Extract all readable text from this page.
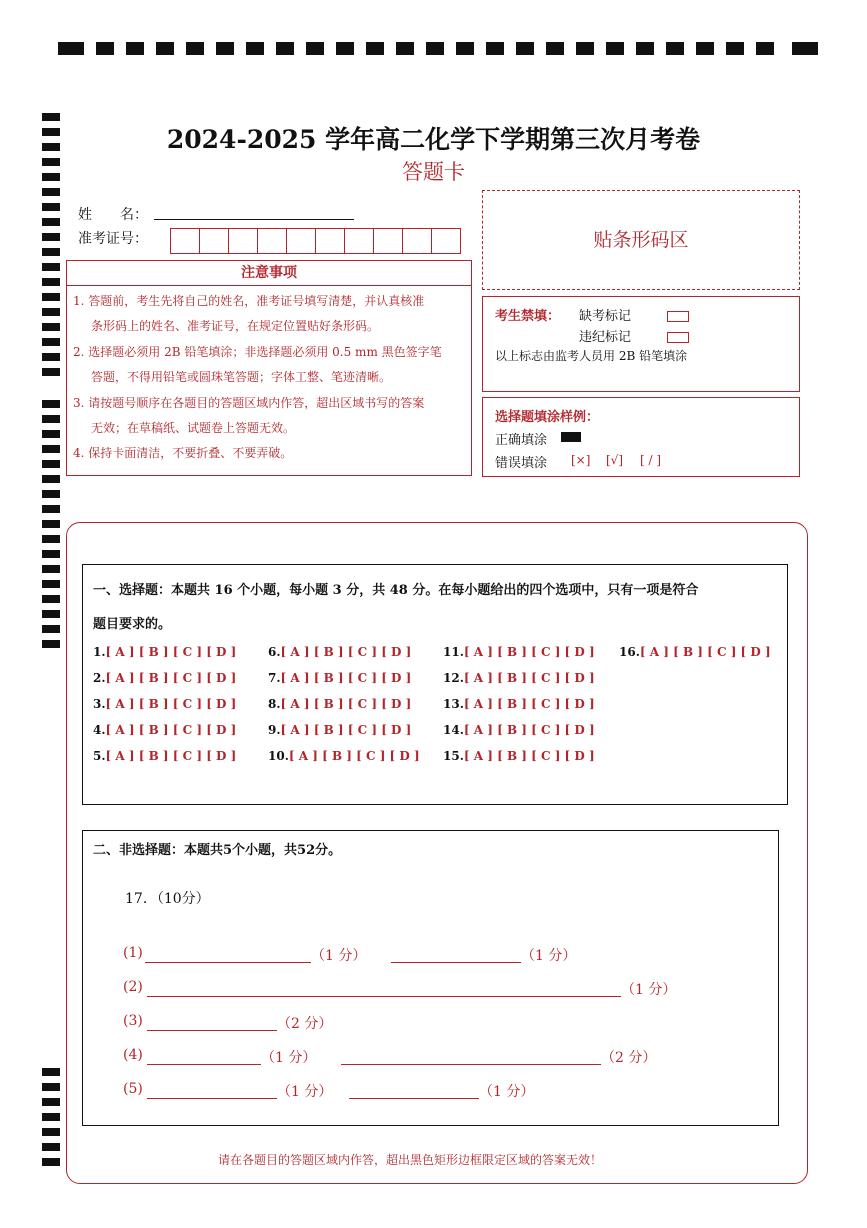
2024-2025 学年高二化学下学期第三次月考卷
答题卡
姓　　名：
准考证号：
注意事项
1. 答题前，考生先将自己的姓名，准考证号填写清楚，并认真核准
条形码上的姓名、准考证号，在规定位置贴好条形码。
2. 选择题必须用 2B 铅笔填涂；非选择题必须用 0.5 mm 黑色签字笔
答题，不得用铅笔或圆珠笔答题；字体工整、笔迹清晰。
3. 请按题号顺序在各题目的答题区域内作答，超出区域书写的答案
无效；在草稿纸、试题卷上答题无效。
4. 保持卡面清洁，不要折叠、不要弄破。
贴条形码区
考生禁填： 缺考标记
违纪标记
以上标志由监考人员用 2B 铅笔填涂
选择题填涂样例：
正确填涂
错误填涂 [×] [√] [ / ]
一、选择题：本题共 16 个小题，每小题 3 分，共 48 分。在每小题给出的四个选项中，只有一项是符合
题目要求的。
1.[ A ] [ B ] [ C ] [ D ]
2.[ A ] [ B ] [ C ] [ D ]
3.[ A ] [ B ] [ C ] [ D ]
4.[ A ] [ B ] [ C ] [ D ]
5.[ A ] [ B ] [ C ] [ D ]
6.[ A ] [ B ] [ C ] [ D ]
7.[ A ] [ B ] [ C ] [ D ]
8.[ A ] [ B ] [ C ] [ D ]
9.[ A ] [ B ] [ C ] [ D ]
10.[ A ] [ B ] [ C ] [ D ]
11.[ A ] [ B ] [ C ] [ D ]
12.[ A ] [ B ] [ C ] [ D ]
13.[ A ] [ B ] [ C ] [ D ]
14.[ A ] [ B ] [ C ] [ D ]
15.[ A ] [ B ] [ C ] [ D ]
16.[ A ] [ B ] [ C ] [ D ]
二、非选择题：本题共5个小题，共52分。
17．（10分）
(1)	（1 分）	（1 分）
(2)	（1 分）
(3)	（2 分）
(4)	（1 分）	（2 分）
(5)	（1 分）	（1 分）
请在各题目的答题区域内作答，超出黑色矩形边框限定区域的答案无效！
